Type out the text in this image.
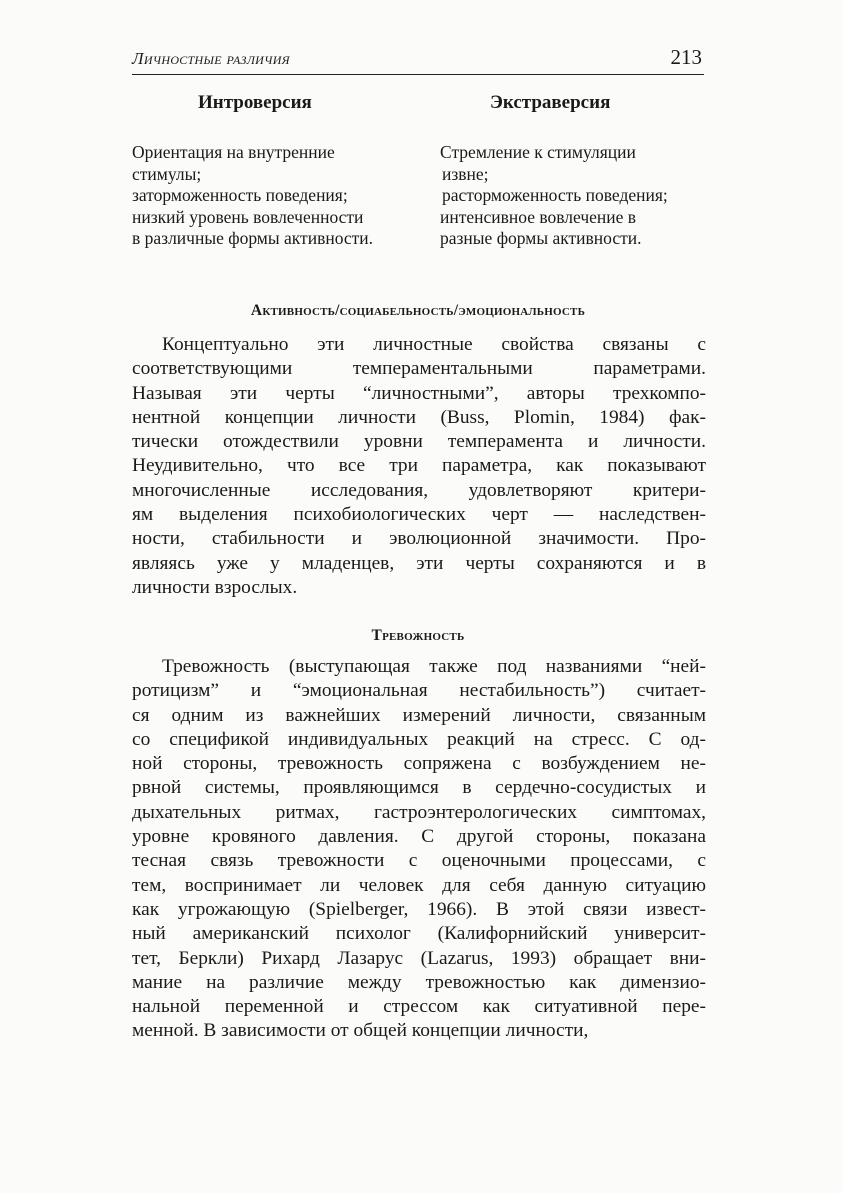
Личностные различия	213
Интроверсия	Экстраверсия
Ориентация на внутренние
стимулы;
заторможенность поведения;
низкий уровень вовлеченности
в различные формы активности.
Стремление к стимуляции
извне;
расторможенность поведения;
интенсивное вовлечение в
разные формы активности.
Активность/социабельность/эмоциональность
Концептуально эти личностные свойства связаны с
соответствующими темпераментальными параметрами.
Называя эти черты “личностными”, авторы трехкомпо-
нентной концепции личности (Buss, Plomin, 1984) фак-
тически отождествили уровни темперамента и личности.
Неудивительно, что все три параметра, как показывают
многочисленные исследования, удовлетворяют критери-
ям выделения психобиологических черт — наследствен-
ности, стабильности и эволюционной значимости. Про-
являясь уже у младенцев, эти черты сохраняются и в
личности взрослых.
Тревожность
Тревожность (выступающая также под названиями “ней-
ротицизм” и “эмоциональная нестабильность”) считает-
ся одним из важнейших измерений личности, связанным
со спецификой индивидуальных реакций на стресс. С од-
ной стороны, тревожность сопряжена с возбуждением не-
рвной системы, проявляющимся в сердечно-сосудистых и
дыхательных ритмах, гастроэнтерологических симптомах,
уровне кровяного давления. С другой стороны, показана
тесная связь тревожности с оценочными процессами, с
тем, воспринимает ли человек для себя данную ситуацию
как угрожающую (Spielberger, 1966). В этой связи извест-
ный американский психолог (Калифорнийский университ-
тет, Беркли) Рихард Лазарус (Lazarus, 1993) обращает вни-
мание на различие между тревожностью как димензио-
нальной переменной и стрессом как ситуативной пере-
менной. В зависимости от общей концепции личности,
